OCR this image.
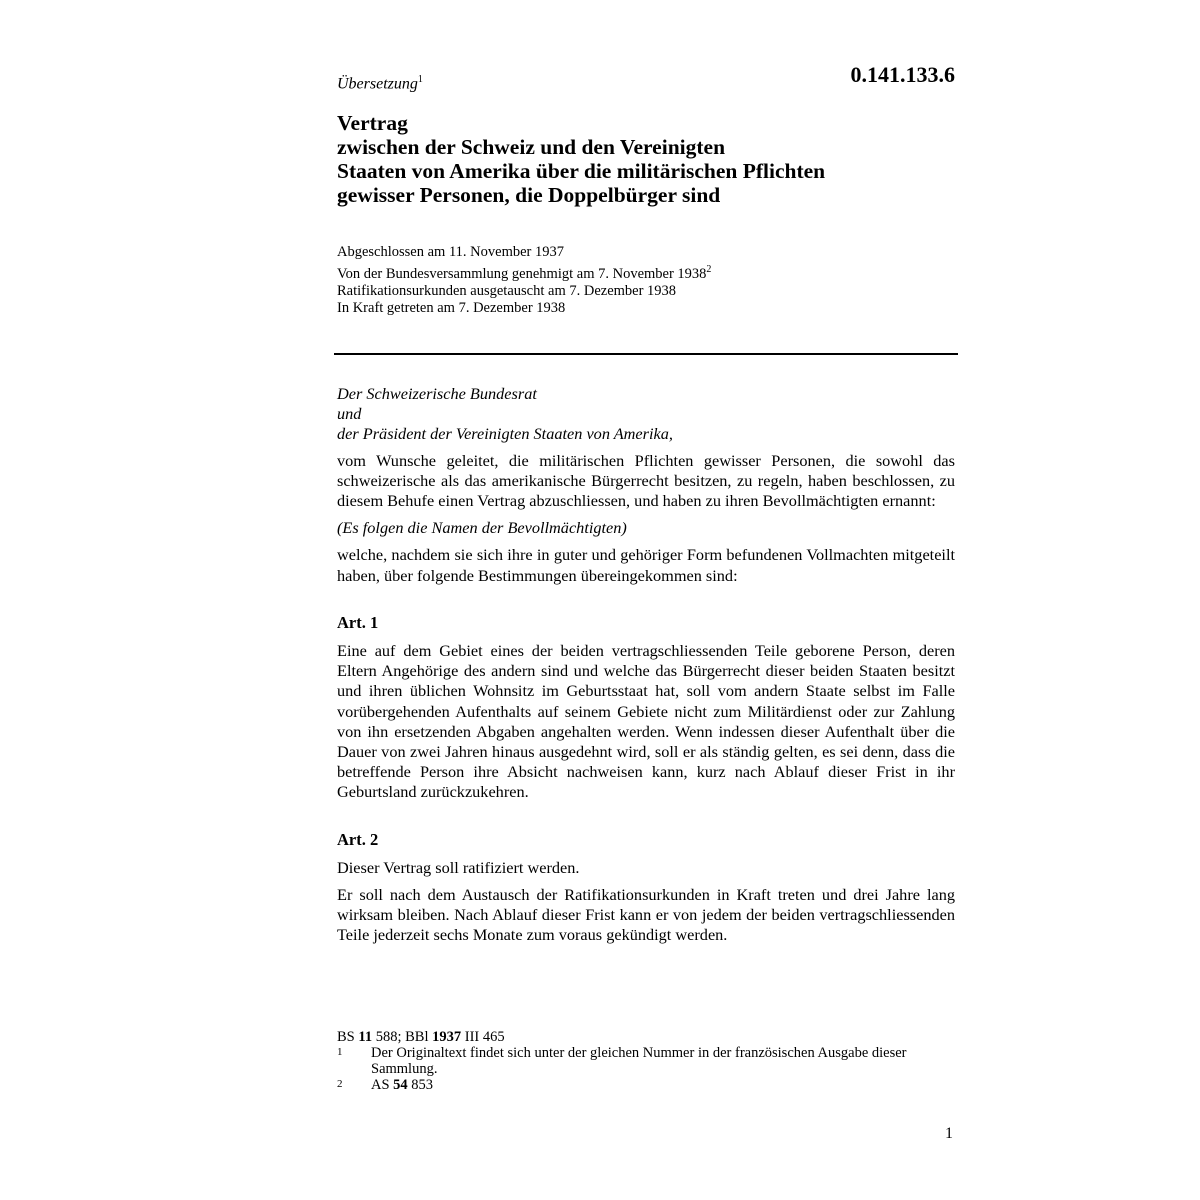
Übersetzung$^1$	0.141.133.6
Vertrag
zwischen der Schweiz und den Vereinigten
Staaten von Amerika über die militärischen Pflichten
gewisser Personen, die Doppelbürger sind
Abgeschlossen am 11. November 1937
Von der Bundesversammlung genehmigt am 7. November 1938$^2$
Ratifikationsurkunden ausgetauscht am 7. Dezember 1938
In Kraft getreten am 7. Dezember 1938
Der Schweizerische Bundesrat
und
der Präsident der Vereinigten Staaten von Amerika,
vom Wunsche geleitet, die militärischen Pflichten gewisser Personen, die sowohl das schweizerische als das amerikanische Bürgerrecht besitzen, zu regeln, haben beschlossen, zu diesem Behufe einen Vertrag abzuschliessen, und haben zu ihren Bevollmächtigten ernannt:
(Es folgen die Namen der Bevollmächtigten)
welche, nachdem sie sich ihre in guter und gehöriger Form befundenen Vollmachten mitgeteilt haben, über folgende Bestimmungen übereingekommen sind:
Art. 1
Eine auf dem Gebiet eines der beiden vertragschliessenden Teile geborene Person, deren Eltern Angehörige des andern sind und welche das Bürgerrecht dieser beiden Staaten besitzt und ihren üblichen Wohnsitz im Geburtsstaat hat, soll vom andern Staate selbst im Falle vorübergehenden Aufenthalts auf seinem Gebiete nicht zum Militärdienst oder zur Zahlung von ihn ersetzenden Abgaben angehalten werden. Wenn indessen dieser Aufenthalt über die Dauer von zwei Jahren hinaus ausgedehnt wird, soll er als ständig gelten, es sei denn, dass die betreffende Person ihre Absicht nachweisen kann, kurz nach Ablauf dieser Frist in ihr Geburtsland zurückzukehren.
Art. 2
Dieser Vertrag soll ratifiziert werden.
Er soll nach dem Austausch der Ratifikationsurkunden in Kraft treten und drei Jahre lang wirksam bleiben. Nach Ablauf dieser Frist kann er von jedem der beiden vertragschliessenden Teile jederzeit sechs Monate zum voraus gekündigt werden.
BS 11 588; BBl 1937 III 465
1	Der Originaltext findet sich unter der gleichen Nummer in der französischen Ausgabe dieser Sammlung.
2	AS 54 853
1
